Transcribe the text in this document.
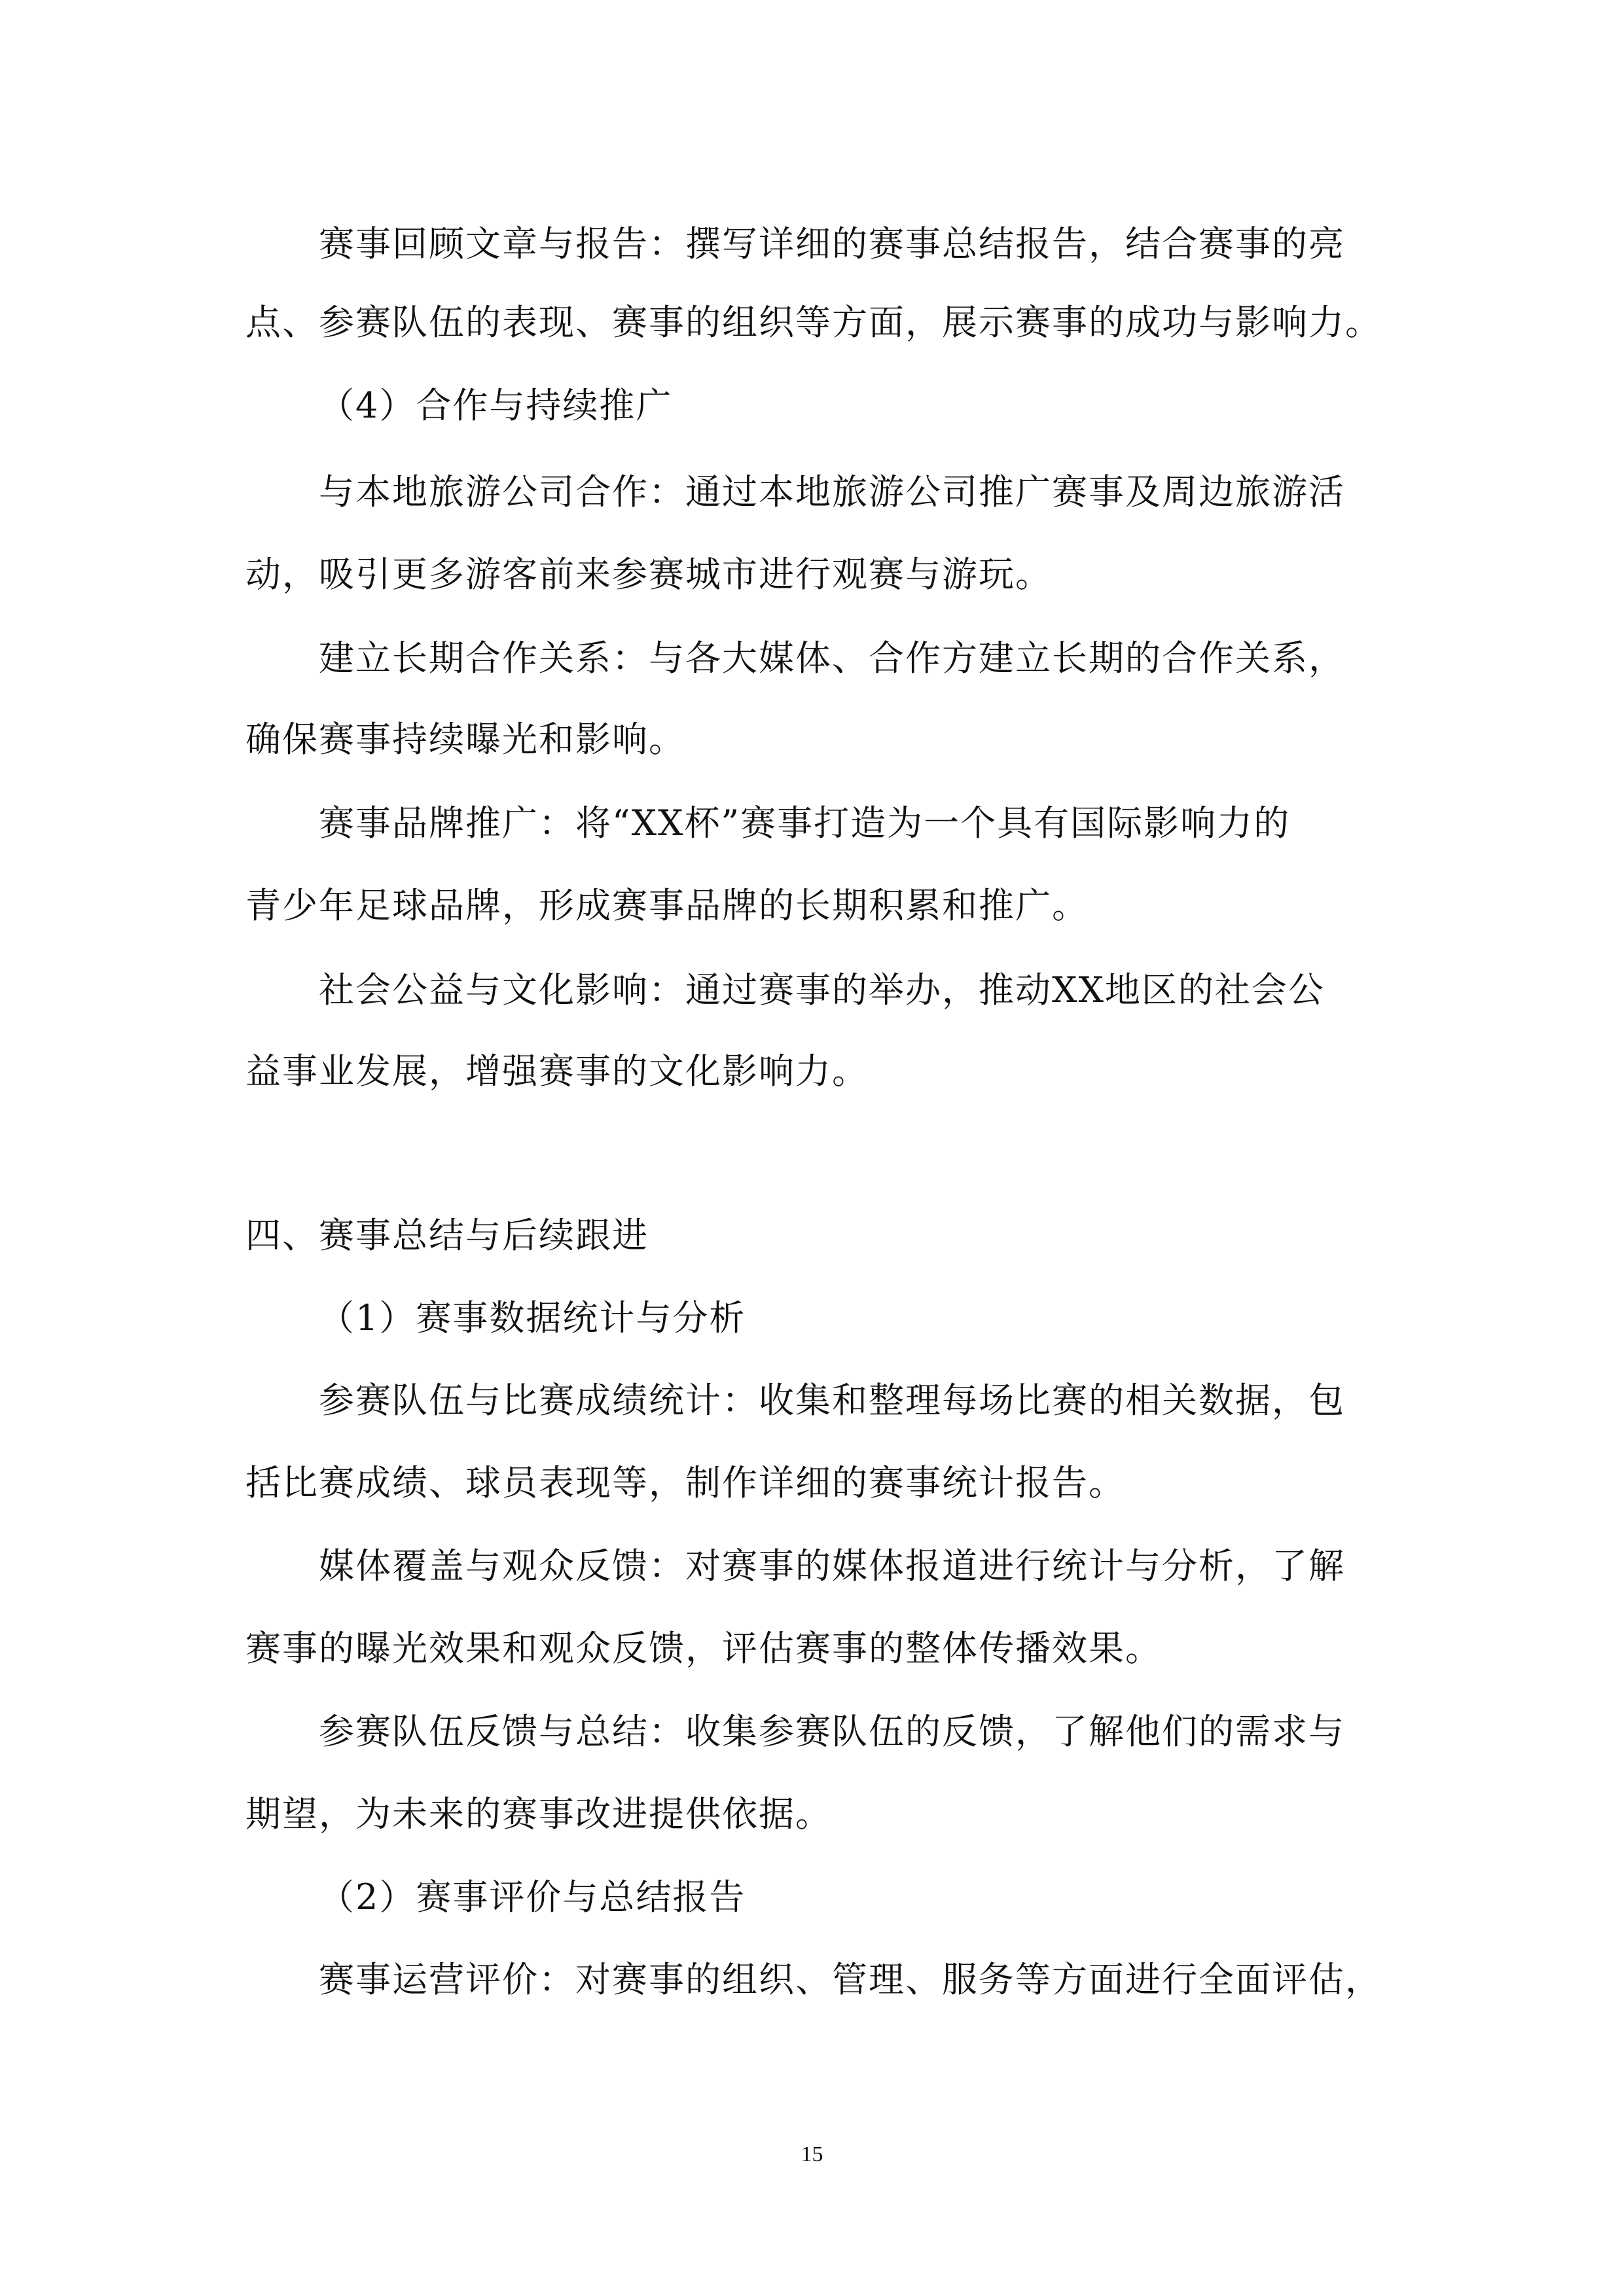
赛事回顾文章与报告：撰写详细的赛事总结报告，结合赛事的亮
点、参赛队伍的表现、赛事的组织等方面，展示赛事的成功与影响力。
（4）合作与持续推广
与本地旅游公司合作：通过本地旅游公司推广赛事及周边旅游活
动，吸引更多游客前来参赛城市进行观赛与游玩。
建立长期合作关系：与各大媒体、合作方建立长期的合作关系，
确保赛事持续曝光和影响。
赛事品牌推广：将“XX杯”赛事打造为一个具有国际影响力的
青少年足球品牌，形成赛事品牌的长期积累和推广。
社会公益与文化影响：通过赛事的举办，推动XX地区的社会公
益事业发展，增强赛事的文化影响力。
四、赛事总结与后续跟进
（1）赛事数据统计与分析
参赛队伍与比赛成绩统计：收集和整理每场比赛的相关数据，包
括比赛成绩、球员表现等，制作详细的赛事统计报告。
媒体覆盖与观众反馈：对赛事的媒体报道进行统计与分析，了解
赛事的曝光效果和观众反馈，评估赛事的整体传播效果。
参赛队伍反馈与总结：收集参赛队伍的反馈，了解他们的需求与
期望，为未来的赛事改进提供依据。
（2）赛事评价与总结报告
赛事运营评价：对赛事的组织、管理、服务等方面进行全面评估，
15
